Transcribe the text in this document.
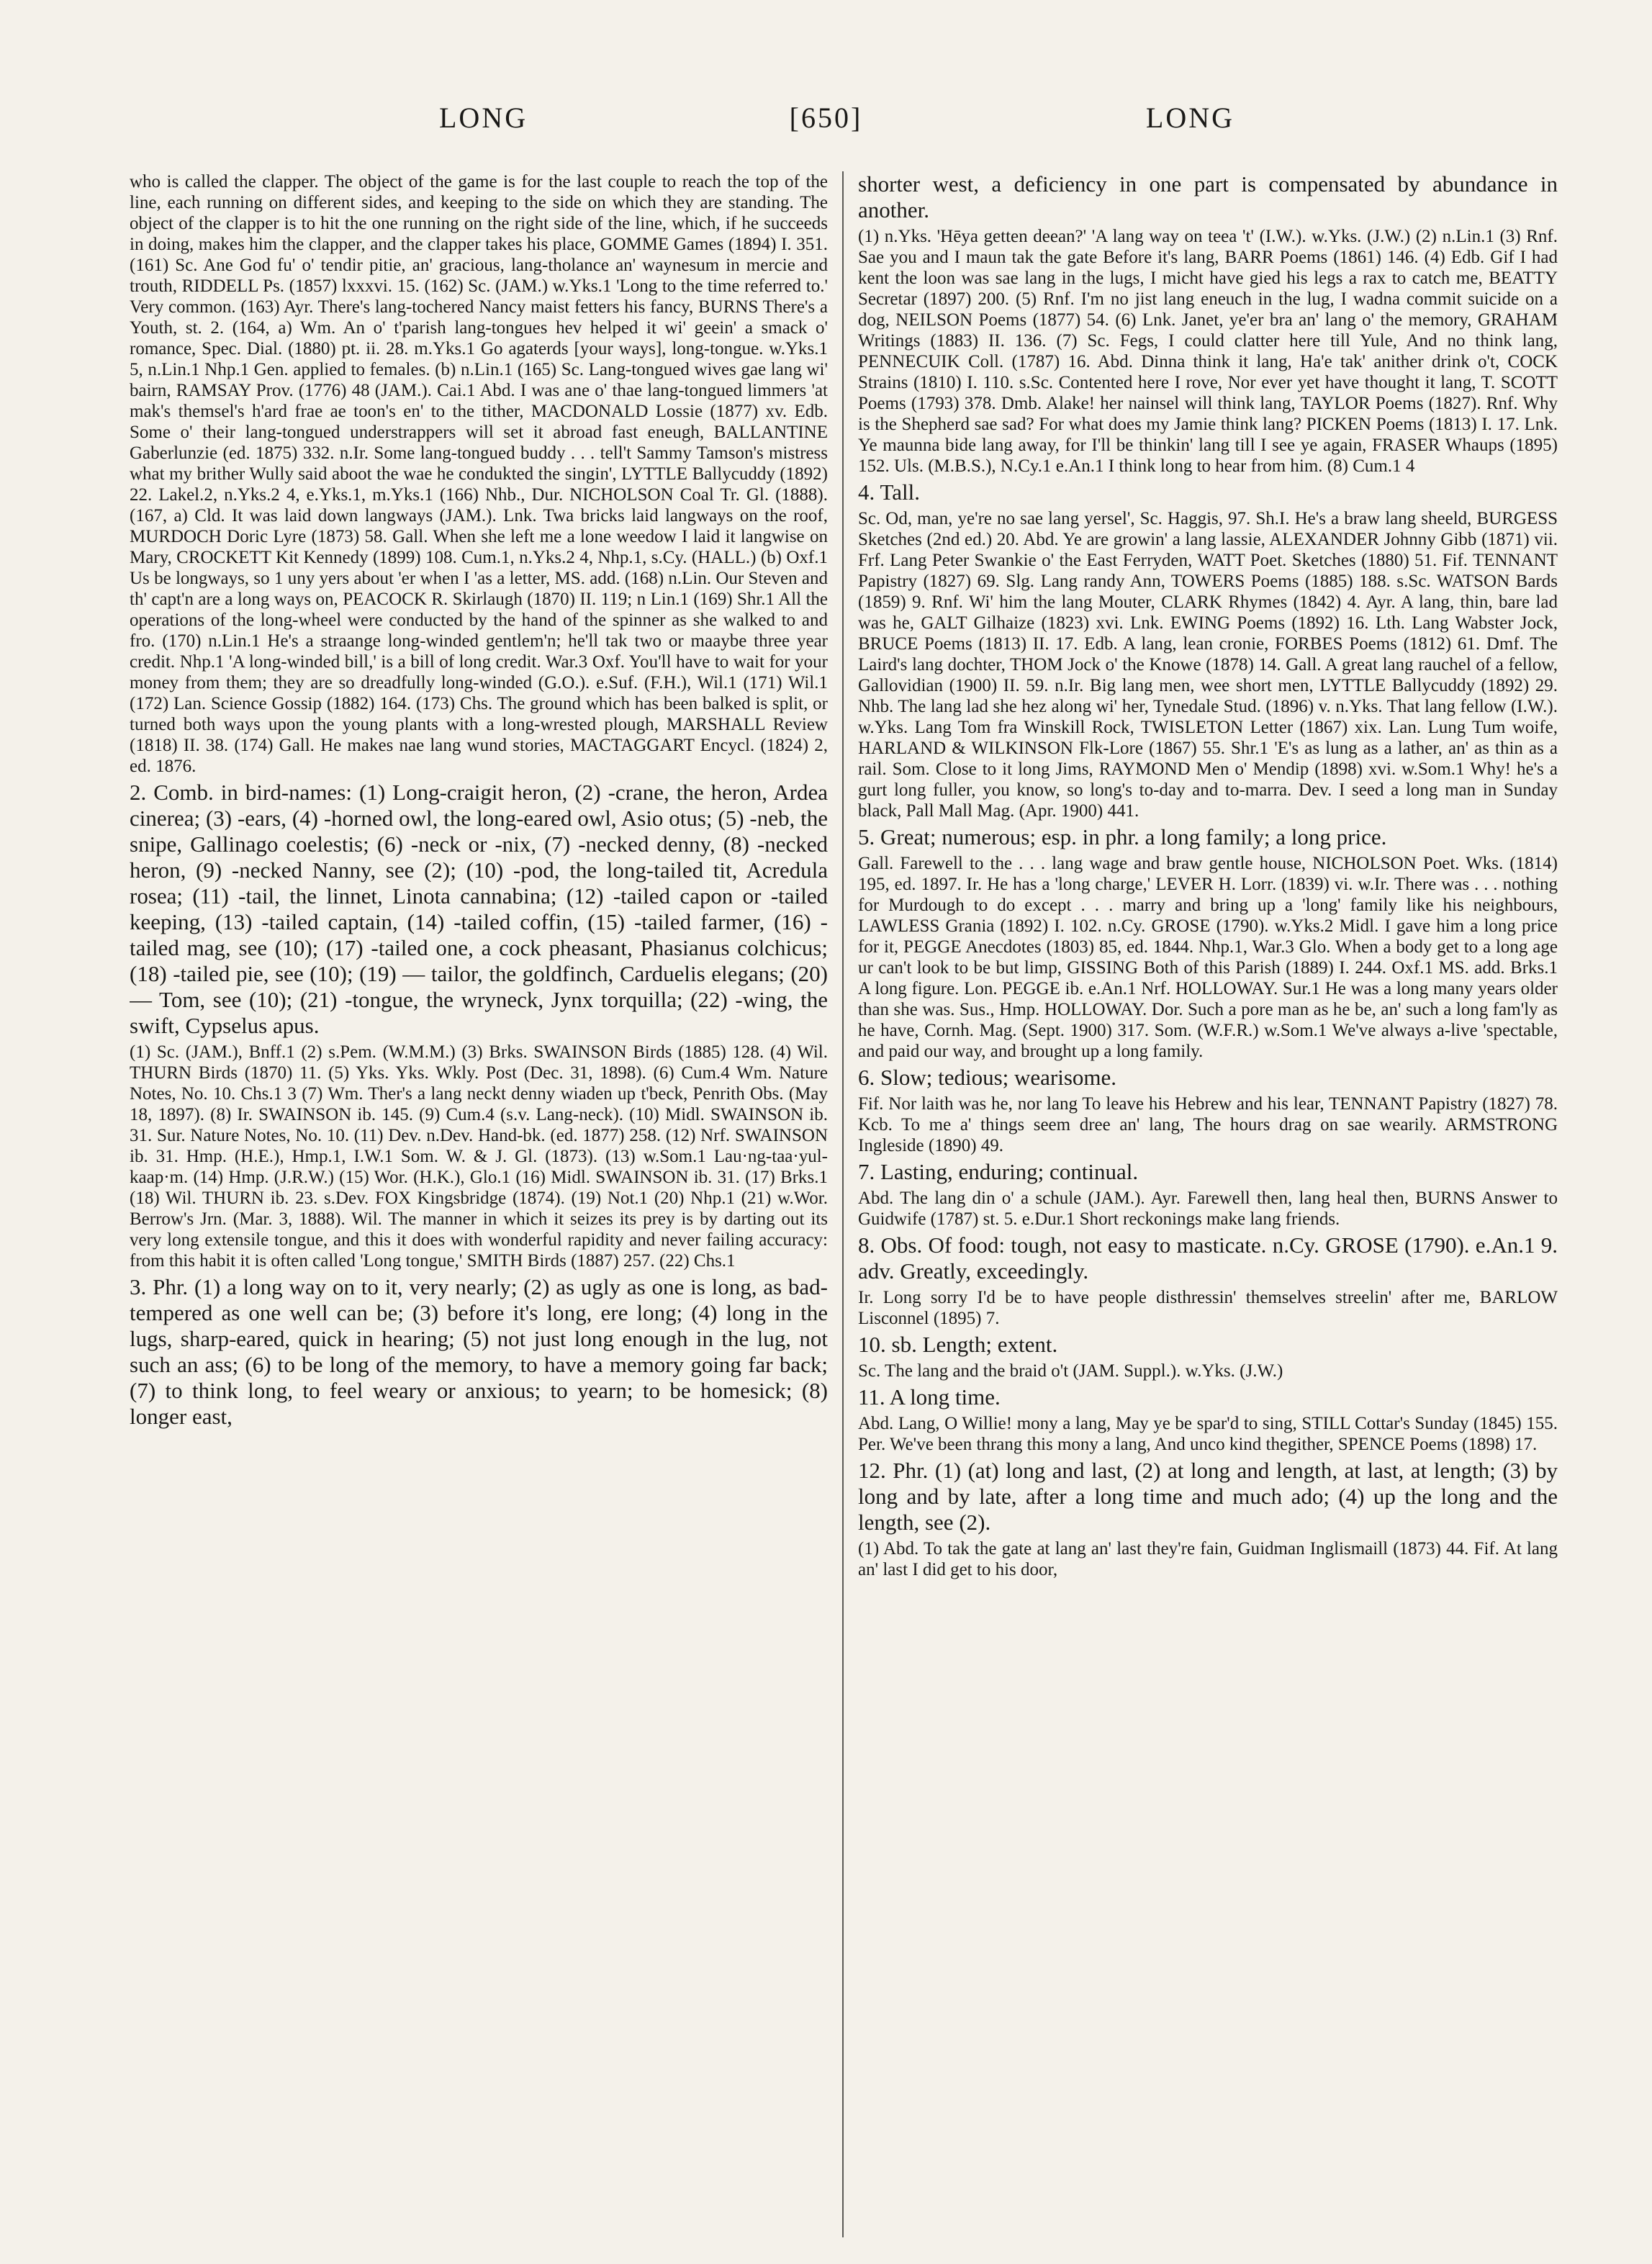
LONG	[650]	LONG

who is called the clapper. The object of the game is for the last couple to reach the top of the line, each running on different sides, and keeping to the side on which they are standing. The object of the clapper is to hit the one running on the right side of the line, which, if he succeeds in doing, makes him the clapper, and the clapper takes his place, GOMME Games (1894) I. 351. (161) Sc. Ane God fu' o' tendir pitie, an' gracious, lang-tholance an' waynesum in mercie and trouth, RIDDELL Ps. (1857) lxxxvi. 15. (162) Sc. (JAM.) w.Yks.1 'Long to the time referred to.' Very common. (163) Ayr. There's lang-tochered Nancy maist fetters his fancy, BURNS There's a Youth, st. 2. (164, a) Wm. An o' t'parish lang-tongues hev helped it wi' geein' a smack o' romance, Spec. Dial. (1880) pt. ii. 28. m.Yks.1 Go agaterds [your ways], long-tongue. w.Yks.1 5, n.Lin.1 Nhp.1 Gen. applied to females. (b) n.Lin.1 (165) Sc. Lang-tongued wives gae lang wi' bairn, RAMSAY Prov. (1776) 48 (JAM.). Cai.1 Abd. I was ane o' thae lang-tongued limmers 'at mak's themsel's h'ard frae ae toon's en' to the tither, MACDONALD Lossie (1877) xv. Edb. Some o' their lang-tongued understrappers will set it abroad fast eneugh, BALLANTINE Gaberlunzie (ed. 1875) 332. n.Ir. Some lang-tongued buddy . . . tell't Sammy Tamson's mistress what my brither Wully said aboot the wae he condukted the singin', LYTTLE Ballycuddy (1892) 22. Lakel.2, n.Yks.2 4, e.Yks.1, m.Yks.1 (166) Nhb., Dur. NICHOLSON Coal Tr. Gl. (1888). (167, a) Cld. It was laid down langways (JAM.). Lnk. Twa bricks laid langways on the roof, MURDOCH Doric Lyre (1873) 58. Gall. When she left me a lone weedow I laid it langwise on Mary, CROCKETT Kit Kennedy (1899) 108. Cum.1, n.Yks.2 4, Nhp.1, s.Cy. (HALL.) (b) Oxf.1 Us be longways, so 1 uny yers about 'er when I 'as a letter, MS. add. (168) n.Lin. Our Steven and th' capt'n are a long ways on, PEACOCK R. Skirlaugh (1870) II. 119; n Lin.1 (169) Shr.1 All the operations of the long-wheel were conducted by the hand of the spinner as she walked to and fro. (170) n.Lin.1 He's a straange long-winded gentlem'n; he'll tak two or maaybe three year credit. Nhp.1 'A long-winded bill,' is a bill of long credit. War.3 Oxf. You'll have to wait for your money from them; they are so dreadfully long-winded (G.O.). e.Suf. (F.H.), Wil.1 (171) Wil.1 (172) Lan. Science Gossip (1882) 164. (173) Chs. The ground which has been balked is split, or turned both ways upon the young plants with a long-wrested plough, MARSHALL Review (1818) II. 38. (174) Gall. He makes nae lang wund stories, MACTAGGART Encycl. (1824) 2, ed. 1876.

2. Comb. in bird-names: (1) Long-craigit heron, (2) -crane, the heron, Ardea cinerea; (3) -ears, (4) -horned owl, the long-eared owl, Asio otus; (5) -neb, the snipe, Gallinago coelestis; (6) -neck or -nix, (7) -necked denny, (8) -necked heron, (9) -necked Nanny, see (2); (10) -pod, the long-tailed tit, Acredula rosea; (11) -tail, the linnet, Linota cannabina; (12) -tailed capon or -tailed keeping, (13) -tailed captain, (14) -tailed coffin, (15) -tailed farmer, (16) -tailed mag, see (10); (17) -tailed one, a cock pheasant, Phasianus colchicus; (18) -tailed pie, see (10); (19) — tailor, the goldfinch, Carduelis elegans; (20) — Tom, see (10); (21) -tongue, the wryneck, Jynx torquilla; (22) -wing, the swift, Cypselus apus.

(1) Sc. (JAM.), Bnff.1 (2) s.Pem. (W.M.M.) (3) Brks. SWAINSON Birds (1885) 128. (4) Wil. THURN Birds (1870) 11. (5) Yks. Yks. Wkly. Post (Dec. 31, 1898). (6) Cum.4 Wm. Nature Notes, No. 10. Chs.1 3 (7) Wm. Ther's a lang neckt denny wiaden up t'beck, Penrith Obs. (May 18, 1897). (8) Ir. SWAINSON ib. 145. (9) Cum.4 (s.v. Lang-neck). (10) Midl. SWAINSON ib. 31. Sur. Nature Notes, No. 10. (11) Dev. n.Dev. Hand-bk. (ed. 1877) 258. (12) Nrf. SWAINSON ib. 31. Hmp. (H.E.), Hmp.1, I.W.1 Som. W. & J. Gl. (1873). (13) w.Som.1 Lau·ng-taa·yul-kaap·m. (14) Hmp. (J.R.W.) (15) Wor. (H.K.), Glo.1 (16) Midl. SWAINSON ib. 31. (17) Brks.1 (18) Wil. THURN ib. 23. s.Dev. FOX Kingsbridge (1874). (19) Not.1 (20) Nhp.1 (21) w.Wor. Berrow's Jrn. (Mar. 3, 1888). Wil. The manner in which it seizes its prey is by darting out its very long extensile tongue, and this it does with wonderful rapidity and never failing accuracy: from this habit it is often called 'Long tongue,' SMITH Birds (1887) 257. (22) Chs.1

3. Phr. (1) a long way on to it, very nearly; (2) as ugly as one is long, as bad-tempered as one well can be; (3) before it's long, ere long; (4) long in the lugs, sharp-eared, quick in hearing; (5) not just long enough in the lug, not such an ass; (6) to be long of the memory, to have a memory going far back; (7) to think long, to feel weary or anxious; to yearn; to be homesick; (8) longer east,

shorter west, a deficiency in one part is compensated by abundance in another.

(1) n.Yks. 'Hēya getten deean?' 'A lang way on teea 't' (I.W.). w.Yks. (J.W.) (2) n.Lin.1 (3) Rnf. Sae you and I maun tak the gate Before it's lang, BARR Poems (1861) 146. (4) Edb. Gif I had kent the loon was sae lang in the lugs, I micht have gied his legs a rax to catch me, BEATTY Secretar (1897) 200. (5) Rnf. I'm no jist lang eneuch in the lug, I wadna commit suicide on a dog, NEILSON Poems (1877) 54. (6) Lnk. Janet, ye'er bra an' lang o' the memory, GRAHAM Writings (1883) II. 136. (7) Sc. Fegs, I could clatter here till Yule, And no think lang, PENNECUIK Coll. (1787) 16. Abd. Dinna think it lang, Ha'e tak' anither drink o't, COCK Strains (1810) I. 110. s.Sc. Contented here I rove, Nor ever yet have thought it lang, T. SCOTT Poems (1793) 378. Dmb. Alake! her nainsel will think lang, TAYLOR Poems (1827). Rnf. Why is the Shepherd sae sad? For what does my Jamie think lang? PICKEN Poems (1813) I. 17. Lnk. Ye maunna bide lang away, for I'll be thinkin' lang till I see ye again, FRASER Whaups (1895) 152. Uls. (M.B.S.), N.Cy.1 e.An.1 I think long to hear from him. (8) Cum.1 4

4. Tall.

Sc. Od, man, ye're no sae lang yersel', Sc. Haggis, 97. Sh.I. He's a braw lang sheeld, BURGESS Sketches (2nd ed.) 20. Abd. Ye are growin' a lang lassie, ALEXANDER Johnny Gibb (1871) vii. Frf. Lang Peter Swankie o' the East Ferryden, WATT Poet. Sketches (1880) 51. Fif. TENNANT Papistry (1827) 69. Slg. Lang randy Ann, TOWERS Poems (1885) 188. s.Sc. WATSON Bards (1859) 9. Rnf. Wi' him the lang Mouter, CLARK Rhymes (1842) 4. Ayr. A lang, thin, bare lad was he, GALT Gilhaize (1823) xvi. Lnk. EWING Poems (1892) 16. Lth. Lang Wabster Jock, BRUCE Poems (1813) II. 17. Edb. A lang, lean cronie, FORBES Poems (1812) 61. Dmf. The Laird's lang dochter, THOM Jock o' the Knowe (1878) 14. Gall. A great lang rauchel of a fellow, Gallovidian (1900) II. 59. n.Ir. Big lang men, wee short men, LYTTLE Ballycuddy (1892) 29. Nhb. The lang lad she hez along wi' her, Tynedale Stud. (1896) v. n.Yks. That lang fellow (I.W.). w.Yks. Lang Tom fra Winskill Rock, TWISLETON Letter (1867) xix. Lan. Lung Tum woife, HARLAND & WILKINSON Flk-Lore (1867) 55. Shr.1 'E's as lung as a lather, an' as thin as a rail. Som. Close to it long Jims, RAYMOND Men o' Mendip (1898) xvi. w.Som.1 Why! he's a gurt long fuller, you know, so long's to-day and to-marra. Dev. I seed a long man in Sunday black, Pall Mall Mag. (Apr. 1900) 441.

5. Great; numerous; esp. in phr. a long family; a long price.

Gall. Farewell to the . . . lang wage and braw gentle house, NICHOLSON Poet. Wks. (1814) 195, ed. 1897. Ir. He has a 'long charge,' LEVER H. Lorr. (1839) vi. w.Ir. There was . . . nothing for Murdough to do except . . . marry and bring up a 'long' family like his neighbours, LAWLESS Grania (1892) I. 102. n.Cy. GROSE (1790). w.Yks.2 Midl. I gave him a long price for it, PEGGE Anecdotes (1803) 85, ed. 1844. Nhp.1, War.3 Glo. When a body get to a long age ur can't look to be but limp, GISSING Both of this Parish (1889) I. 244. Oxf.1 MS. add. Brks.1 A long figure. Lon. PEGGE ib. e.An.1 Nrf. HOLLOWAY. Sur.1 He was a long many years older than she was. Sus., Hmp. HOLLOWAY. Dor. Such a pore man as he be, an' such a long fam'ly as he have, Cornh. Mag. (Sept. 1900) 317. Som. (W.F.R.) w.Som.1 We've always a-live 'spectable, and paid our way, and brought up a long family.

6. Slow; tedious; wearisome.

Fif. Nor laith was he, nor lang To leave his Hebrew and his lear, TENNANT Papistry (1827) 78. Kcb. To me a' things seem dree an' lang, The hours drag on sae wearily. ARMSTRONG Ingleside (1890) 49.

7. Lasting, enduring; continual.

Abd. The lang din o' a schule (JAM.). Ayr. Farewell then, lang heal then, BURNS Answer to Guidwife (1787) st. 5. e.Dur.1 Short reckonings make lang friends.

8. Obs. Of food: tough, not easy to masticate. n.Cy. GROSE (1790). e.An.1 9. adv. Greatly, exceedingly.

Ir. Long sorry I'd be to have people disthressin' themselves streelin' after me, BARLOW Lisconnel (1895) 7.

10. sb. Length; extent.

Sc. The lang and the braid o't (JAM. Suppl.). w.Yks. (J.W.)

11. A long time.

Abd. Lang, O Willie! mony a lang, May ye be spar'd to sing, STILL Cottar's Sunday (1845) 155. Per. We've been thrang this mony a lang, And unco kind thegither, SPENCE Poems (1898) 17.

12. Phr. (1) (at) long and last, (2) at long and length, at last, at length; (3) by long and by late, after a long time and much ado; (4) up the long and the length, see (2).

(1) Abd. To tak the gate at lang an' last they're fain, Guidman Inglismaill (1873) 44. Fif. At lang an' last I did get to his door,
